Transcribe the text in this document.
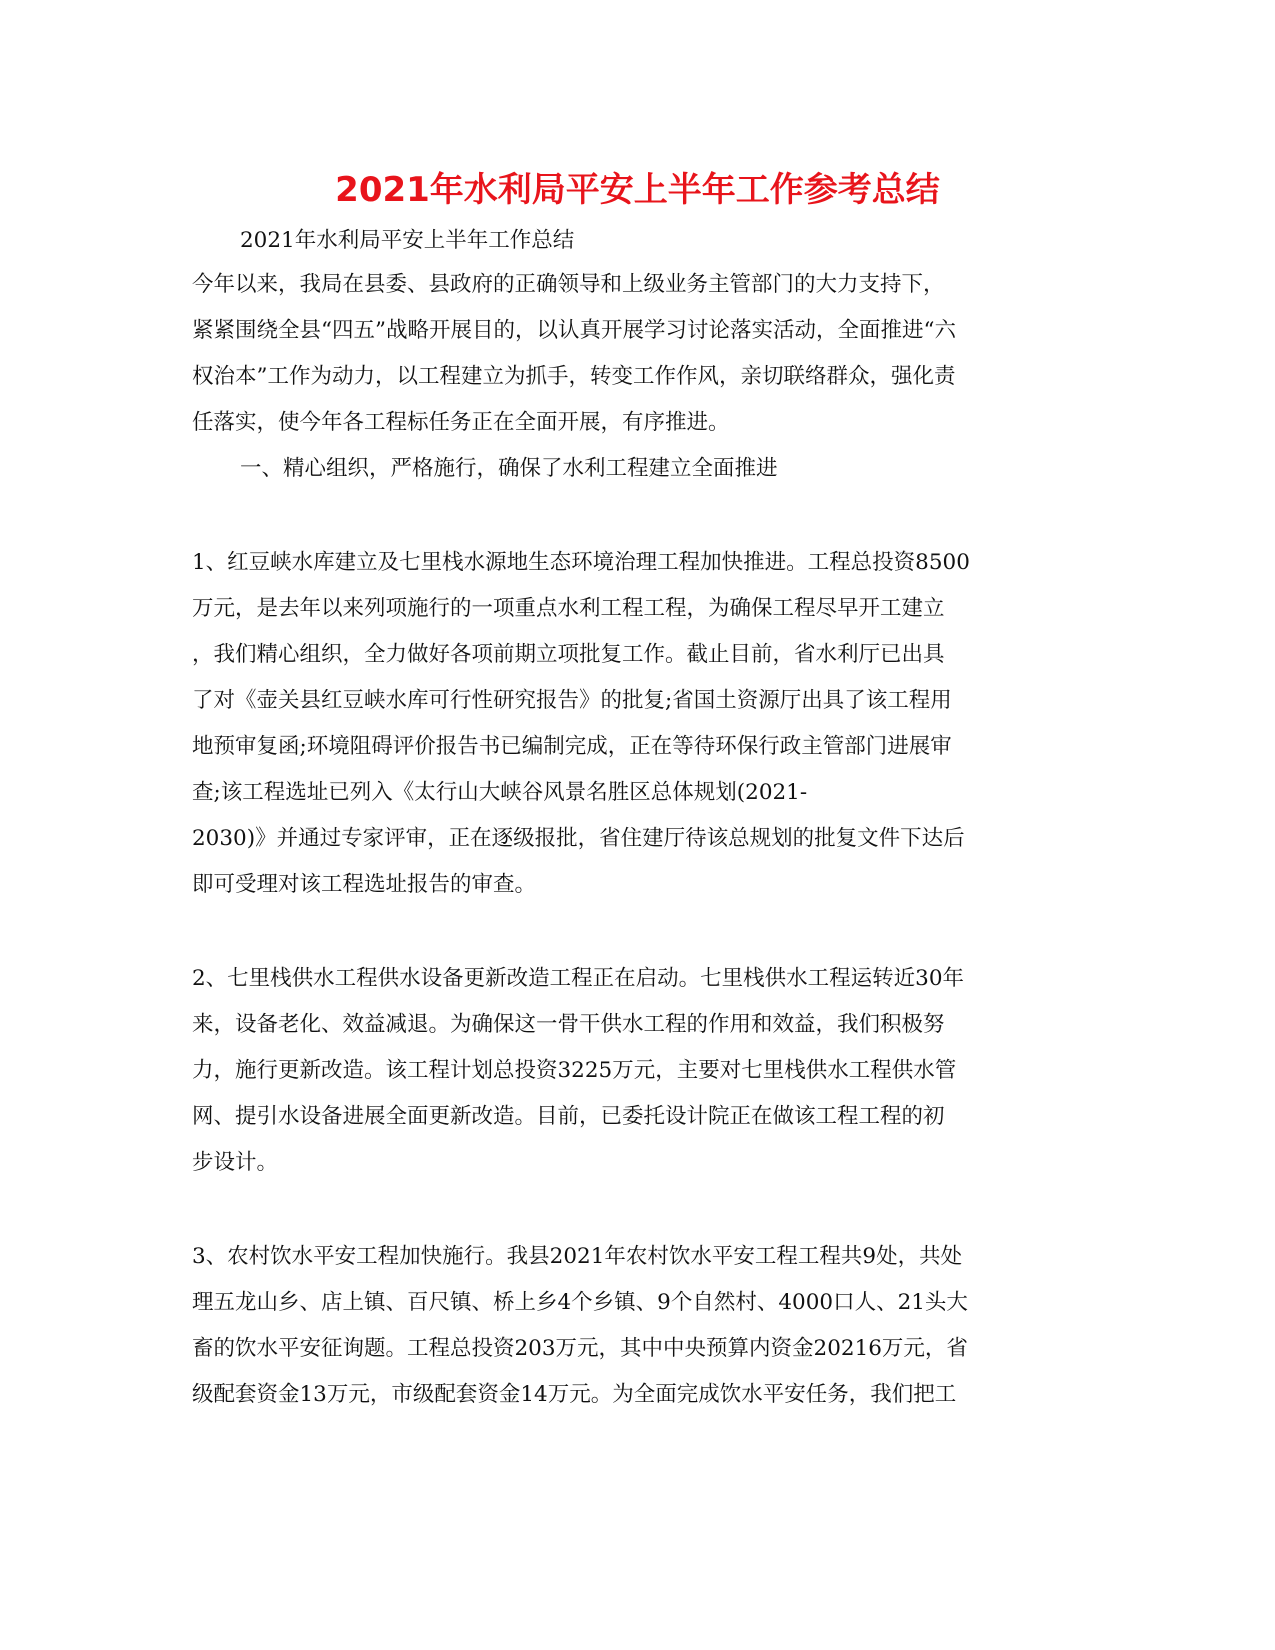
2021年水利局平安上半年工作参考总结

2021年水利局平安上半年工作总结

今年以来，我局在县委、县政府的正确领导和上级业务主管部门的大力支持下，

紧紧围绕全县“四五”战略开展目的，以认真开展学习讨论落实活动，全面推进“六

权治本”工作为动力，以工程建立为抓手，转变工作作风，亲切联络群众，强化责

任落实，使今年各工程标任务正在全面开展，有序推进。

一、精心组织，严格施行，确保了水利工程建立全面推进

1、红豆峡水库建立及七里栈水源地生态环境治理工程加快推进。工程总投资8500

万元，是去年以来列项施行的一项重点水利工程工程，为确保工程尽早开工建立

，我们精心组织，全力做好各项前期立项批复工作。截止目前，省水利厅已出具

了对《壶关县红豆峡水库可行性研究报告》的批复;省国土资源厅出具了该工程用

地预审复函;环境阻碍评价报告书已编制完成，正在等待环保行政主管部门进展审

查;该工程选址已列入《太行山大峡谷风景名胜区总体规划(2021-

2030)》并通过专家评审，正在逐级报批，省住建厅待该总规划的批复文件下达后

即可受理对该工程选址报告的审查。

2、七里栈供水工程供水设备更新改造工程正在启动。七里栈供水工程运转近30年

来，设备老化、效益减退。为确保这一骨干供水工程的作用和效益，我们积极努

力，施行更新改造。该工程计划总投资3225万元，主要对七里栈供水工程供水管

网、提引水设备进展全面更新改造。目前，已委托设计院正在做该工程工程的初

步设计。

3、农村饮水平安工程加快施行。我县2021年农村饮水平安工程工程共9处，共处

理五龙山乡、店上镇、百尺镇、桥上乡4个乡镇、9个自然村、4000口人、21头大

畜的饮水平安征询题。工程总投资203万元，其中中央预算内资金20216万元，省

级配套资金13万元，市级配套资金14万元。为全面完成饮水平安任务，我们把工
